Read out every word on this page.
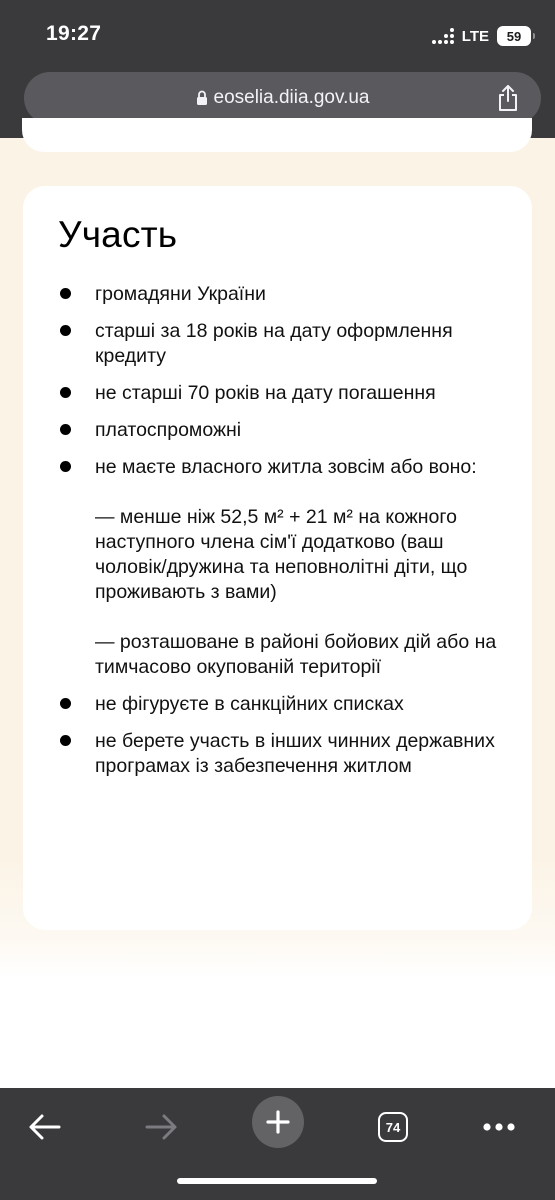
19:27	LTE 59
eoselia.diia.gov.ua
Участь
громадяни України
старші за 18 років на дату оформлення кредиту
не старші 70 років на дату погашення
платоспроможні
не маєте власного житла зовсім або воно:
— менше ніж 52,5 м² + 21 м² на кожного наступного члена сім'ї додатково (ваш чоловік/дружина та неповнолітні діти, що проживають з вами)
— розташоване в районі бойових дій або на тимчасово окупованій території
не фігуруєте в санкційних списках
не берете участь в інших чинних державних програмах із забезпечення житлом
74
